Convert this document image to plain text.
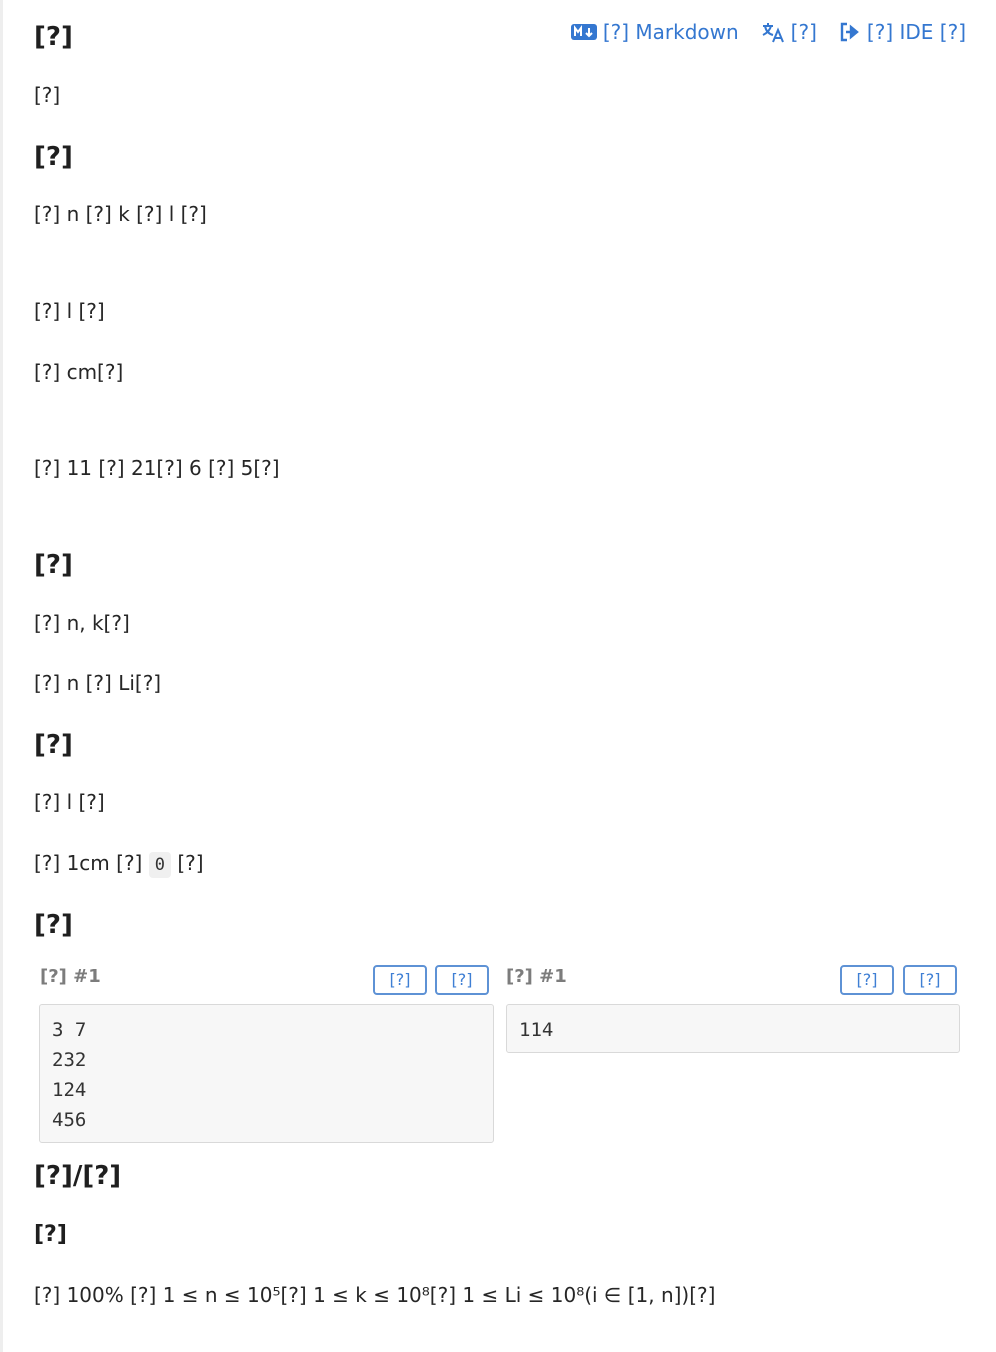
[?] Markdown	[?]	[?] IDE [?]
[?]

[?]

[?]

[?] n [?] k [?] l [?]

[?] l [?]

[?] cm[?]

[?] 11 [?] 21[?] 6 [?] 5[?]

[?]

[?] n, k[?]

[?] n [?] Li[?]

[?]

[?] l [?]

[?] 1cm [?] 0 [?]

[?]
[?] #1	[?]	[?]
3 7
232
124
456
[?] #1	[?]	[?]
114
[?]/[?]
[?]

[?] 100% [?] 1 ≤ n ≤ 10⁵[?] 1 ≤ k ≤ 10⁸[?] 1 ≤ Li ≤ 10⁸(i ∈ [1, n])[?]
